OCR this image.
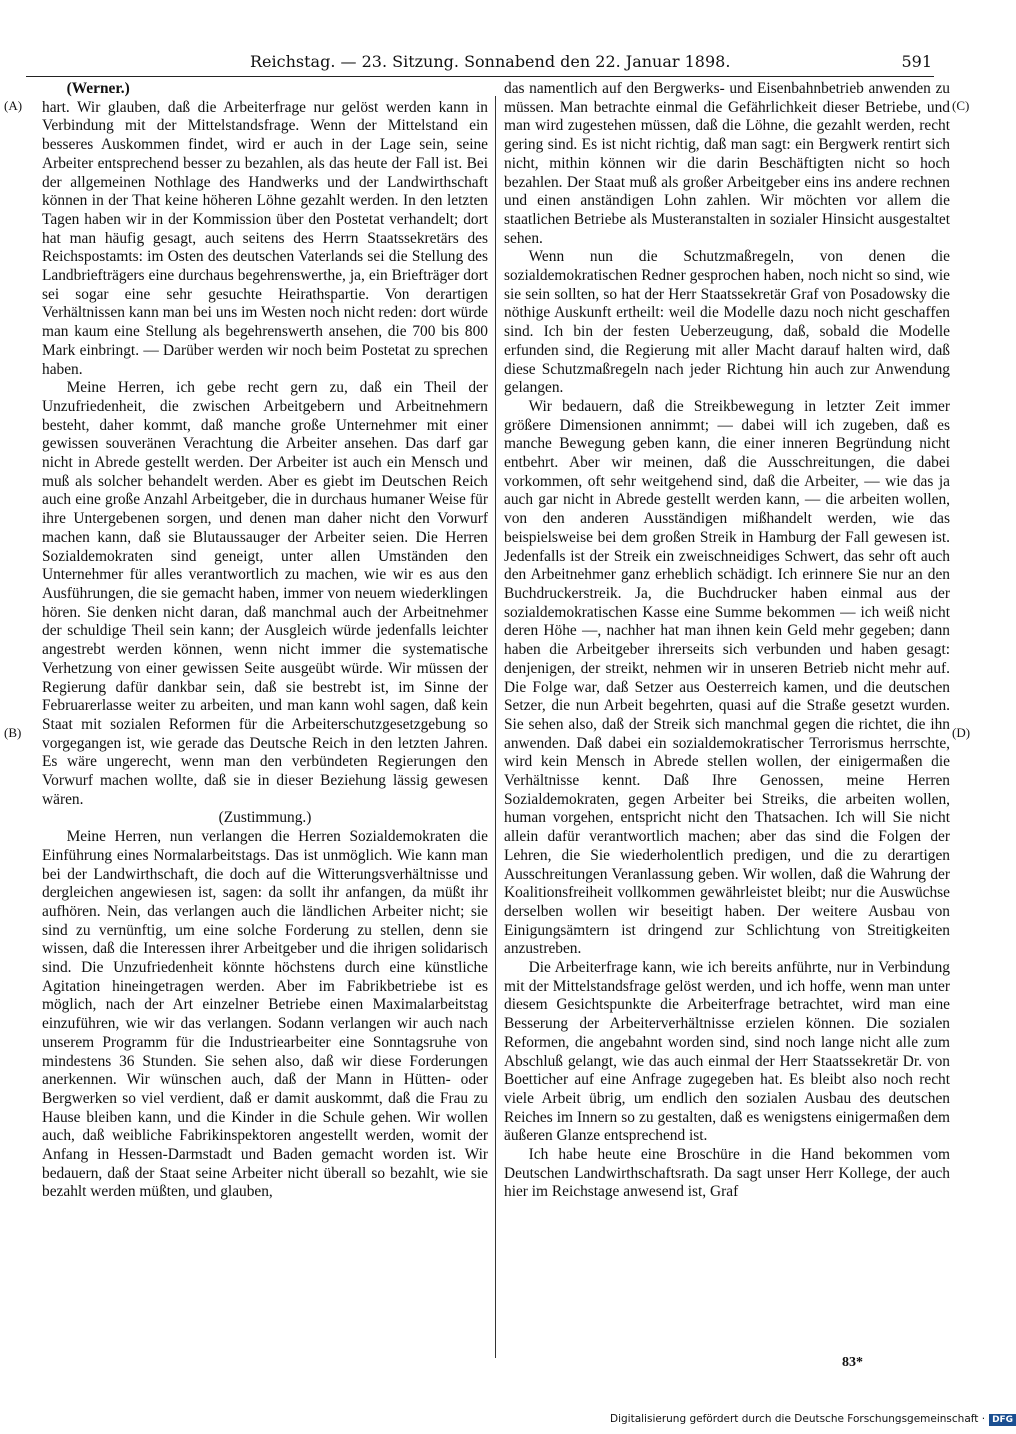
Reichstag. — 23. Sitzung. Sonnabend den 22. Januar 1898.	591
(A)
(B)
(C)
(D)

(Werner.)

hart. Wir glauben, daß die Arbeiterfrage nur gelöst werden kann in Verbindung mit der Mittelstandsfrage. Wenn der Mittelstand ein besseres Auskommen findet, wird er auch in der Lage sein, seine Arbeiter entsprechend besser zu bezahlen, als das heute der Fall ist. Bei der allgemeinen Nothlage des Handwerks und der Landwirthschaft können in der That keine höheren Löhne gezahlt werden. In den letzten Tagen haben wir in der Kommission über den Postetat verhandelt; dort hat man häufig gesagt, auch seitens des Herrn Staatssekretärs des Reichspostamts: im Osten des deutschen Vaterlands sei die Stellung des Landbriefträgers eine durchaus begehrenswerthe, ja, ein Briefträger dort sei sogar eine sehr gesuchte Heirathspartie. Von derartigen Verhältnissen kann man bei uns im Westen noch nicht reden: dort würde man kaum eine Stellung als begehrenswerth ansehen, die 700 bis 800 Mark einbringt. — Darüber werden wir noch beim Postetat zu sprechen haben.

Meine Herren, ich gebe recht gern zu, daß ein Theil der Unzufriedenheit, die zwischen Arbeitgebern und Arbeitnehmern besteht, daher kommt, daß manche große Unternehmer mit einer gewissen souveränen Verachtung die Arbeiter ansehen. Das darf gar nicht in Abrede gestellt werden. Der Arbeiter ist auch ein Mensch und muß als solcher behandelt werden. Aber es giebt im Deutschen Reich auch eine große Anzahl Arbeitgeber, die in durchaus humaner Weise für ihre Untergebenen sorgen, und denen man daher nicht den Vorwurf machen kann, daß sie Blutaussauger der Arbeiter seien. Die Herren Sozialdemokraten sind geneigt, unter allen Umständen den Unternehmer für alles verantwortlich zu machen, wie wir es aus den Ausführungen, die sie gemacht haben, immer von neuem wiederklingen hören. Sie denken nicht daran, daß manchmal auch der Arbeitnehmer der schuldige Theil sein kann; der Ausgleich würde jedenfalls leichter angestrebt werden können, wenn nicht immer die systematische Verhetzung von einer gewissen Seite ausgeübt würde. Wir müssen der Regierung dafür dankbar sein, daß sie bestrebt ist, im Sinne der Februarerlasse weiter zu arbeiten, und man kann wohl sagen, daß kein Staat mit sozialen Reformen für die Arbeiterschutzgesetzgebung so vorgegangen ist, wie gerade das Deutsche Reich in den letzten Jahren. Es wäre ungerecht, wenn man den verbündeten Regierungen den Vorwurf machen wollte, daß sie in dieser Beziehung lässig gewesen wären.

(Zustimmung.)

Meine Herren, nun verlangen die Herren Sozialdemokraten die Einführung eines Normalarbeitstags. Das ist unmöglich. Wie kann man bei der Landwirthschaft, die doch auf die Witterungsverhältnisse und dergleichen angewiesen ist, sagen: da sollt ihr anfangen, da müßt ihr aufhören. Nein, das verlangen auch die ländlichen Arbeiter nicht; sie sind zu vernünftig, um eine solche Forderung zu stellen, denn sie wissen, daß die Interessen ihrer Arbeitgeber und die ihrigen solidarisch sind. Die Unzufriedenheit könnte höchstens durch eine künstliche Agitation hineingetragen werden. Aber im Fabrikbetriebe ist es möglich, nach der Art einzelner Betriebe einen Maximalarbeitstag einzuführen, wie wir das verlangen. Sodann verlangen wir auch nach unserem Programm für die Industriearbeiter eine Sonntagsruhe von mindestens 36 Stunden. Sie sehen also, daß wir diese Forderungen anerkennen. Wir wünschen auch, daß der Mann in Hütten- oder Bergwerken so viel verdient, daß er damit auskommt, daß die Frau zu Hause bleiben kann, und die Kinder in die Schule gehen. Wir wollen auch, daß weibliche Fabrikinspektoren angestellt werden, womit der Anfang in Hessen-Darmstadt und Baden gemacht worden ist. Wir bedauern, daß der Staat seine Arbeiter nicht überall so bezahlt, wie sie bezahlt werden müßten, und glauben,

das namentlich auf den Bergwerks- und Eisenbahnbetrieb anwenden zu müssen. Man betrachte einmal die Gefährlichkeit dieser Betriebe, und man wird zugestehen müssen, daß die Löhne, die gezahlt werden, recht gering sind. Es ist nicht richtig, daß man sagt: ein Bergwerk rentirt sich nicht, mithin können wir die darin Beschäftigten nicht so hoch bezahlen. Der Staat muß als großer Arbeitgeber eins ins andere rechnen und einen anständigen Lohn zahlen. Wir möchten vor allem die staatlichen Betriebe als Musteranstalten in sozialer Hinsicht ausgestaltet sehen.

Wenn nun die Schutzmaßregeln, von denen die sozialdemokratischen Redner gesprochen haben, noch nicht so sind, wie sie sein sollten, so hat der Herr Staatssekretär Graf von Posadowsky die nöthige Auskunft ertheilt: weil die Modelle dazu noch nicht geschaffen sind. Ich bin der festen Ueberzeugung, daß, sobald die Modelle erfunden sind, die Regierung mit aller Macht darauf halten wird, daß diese Schutzmaßregeln nach jeder Richtung hin auch zur Anwendung gelangen.

Wir bedauern, daß die Streikbewegung in letzter Zeit immer größere Dimensionen annimmt; — dabei will ich zugeben, daß es manche Bewegung geben kann, die einer inneren Begründung nicht entbehrt. Aber wir meinen, daß die Ausschreitungen, die dabei vorkommen, oft sehr weitgehend sind, daß die Arbeiter, — wie das ja auch gar nicht in Abrede gestellt werden kann, — die arbeiten wollen, von den anderen Ausständigen mißhandelt werden, wie das beispielsweise bei dem großen Streik in Hamburg der Fall gewesen ist. Jedenfalls ist der Streik ein zweischneidiges Schwert, das sehr oft auch den Arbeitnehmer ganz erheblich schädigt. Ich erinnere Sie nur an den Buchdruckerstreik. Ja, die Buchdrucker haben einmal aus der sozialdemokratischen Kasse eine Summe bekommen — ich weiß nicht deren Höhe —, nachher hat man ihnen kein Geld mehr gegeben; dann haben die Arbeitgeber ihrerseits sich verbunden und haben gesagt: denjenigen, der streikt, nehmen wir in unseren Betrieb nicht mehr auf. Die Folge war, daß Setzer aus Oesterreich kamen, und die deutschen Setzer, die nun Arbeit begehrten, quasi auf die Straße gesetzt wurden. Sie sehen also, daß der Streik sich manchmal gegen die richtet, die ihn anwenden. Daß dabei ein sozialdemokratischer Terrorismus herrschte, wird kein Mensch in Abrede stellen wollen, der einigermaßen die Verhältnisse kennt. Daß Ihre Genossen, meine Herren Sozialdemokraten, gegen Arbeiter bei Streiks, die arbeiten wollen, human vorgehen, entspricht nicht den Thatsachen. Ich will Sie nicht allein dafür verantwortlich machen; aber das sind die Folgen der Lehren, die Sie wiederholentlich predigen, und die zu derartigen Ausschreitungen Veranlassung geben. Wir wollen, daß die Wahrung der Koalitionsfreiheit vollkommen gewährleistet bleibt; nur die Auswüchse derselben wollen wir beseitigt haben. Der weitere Ausbau von Einigungsämtern ist dringend zur Schlichtung von Streitigkeiten anzustreben.

Die Arbeiterfrage kann, wie ich bereits anführte, nur in Verbindung mit der Mittelstandsfrage gelöst werden, und ich hoffe, wenn man unter diesem Gesichtspunkte die Arbeiterfrage betrachtet, wird man eine Besserung der Arbeiterverhältnisse erzielen können. Die sozialen Reformen, die angebahnt worden sind, sind noch lange nicht alle zum Abschluß gelangt, wie das auch einmal der Herr Staatssekretär Dr. von Boetticher auf eine Anfrage zugegeben hat. Es bleibt also noch recht viele Arbeit übrig, um endlich den sozialen Ausbau des deutschen Reiches im Innern so zu gestalten, daß es wenigstens einigermaßen dem äußeren Glanze entsprechend ist.

Ich habe heute eine Broschüre in die Hand bekommen vom Deutschen Landwirthschaftsrath. Da sagt unser Herr Kollege, der auch hier im Reichstage anwesend ist, Graf

83*
Digitalisierung gefördert durch die Deutsche Forschungsgemeinschaft · DFG
